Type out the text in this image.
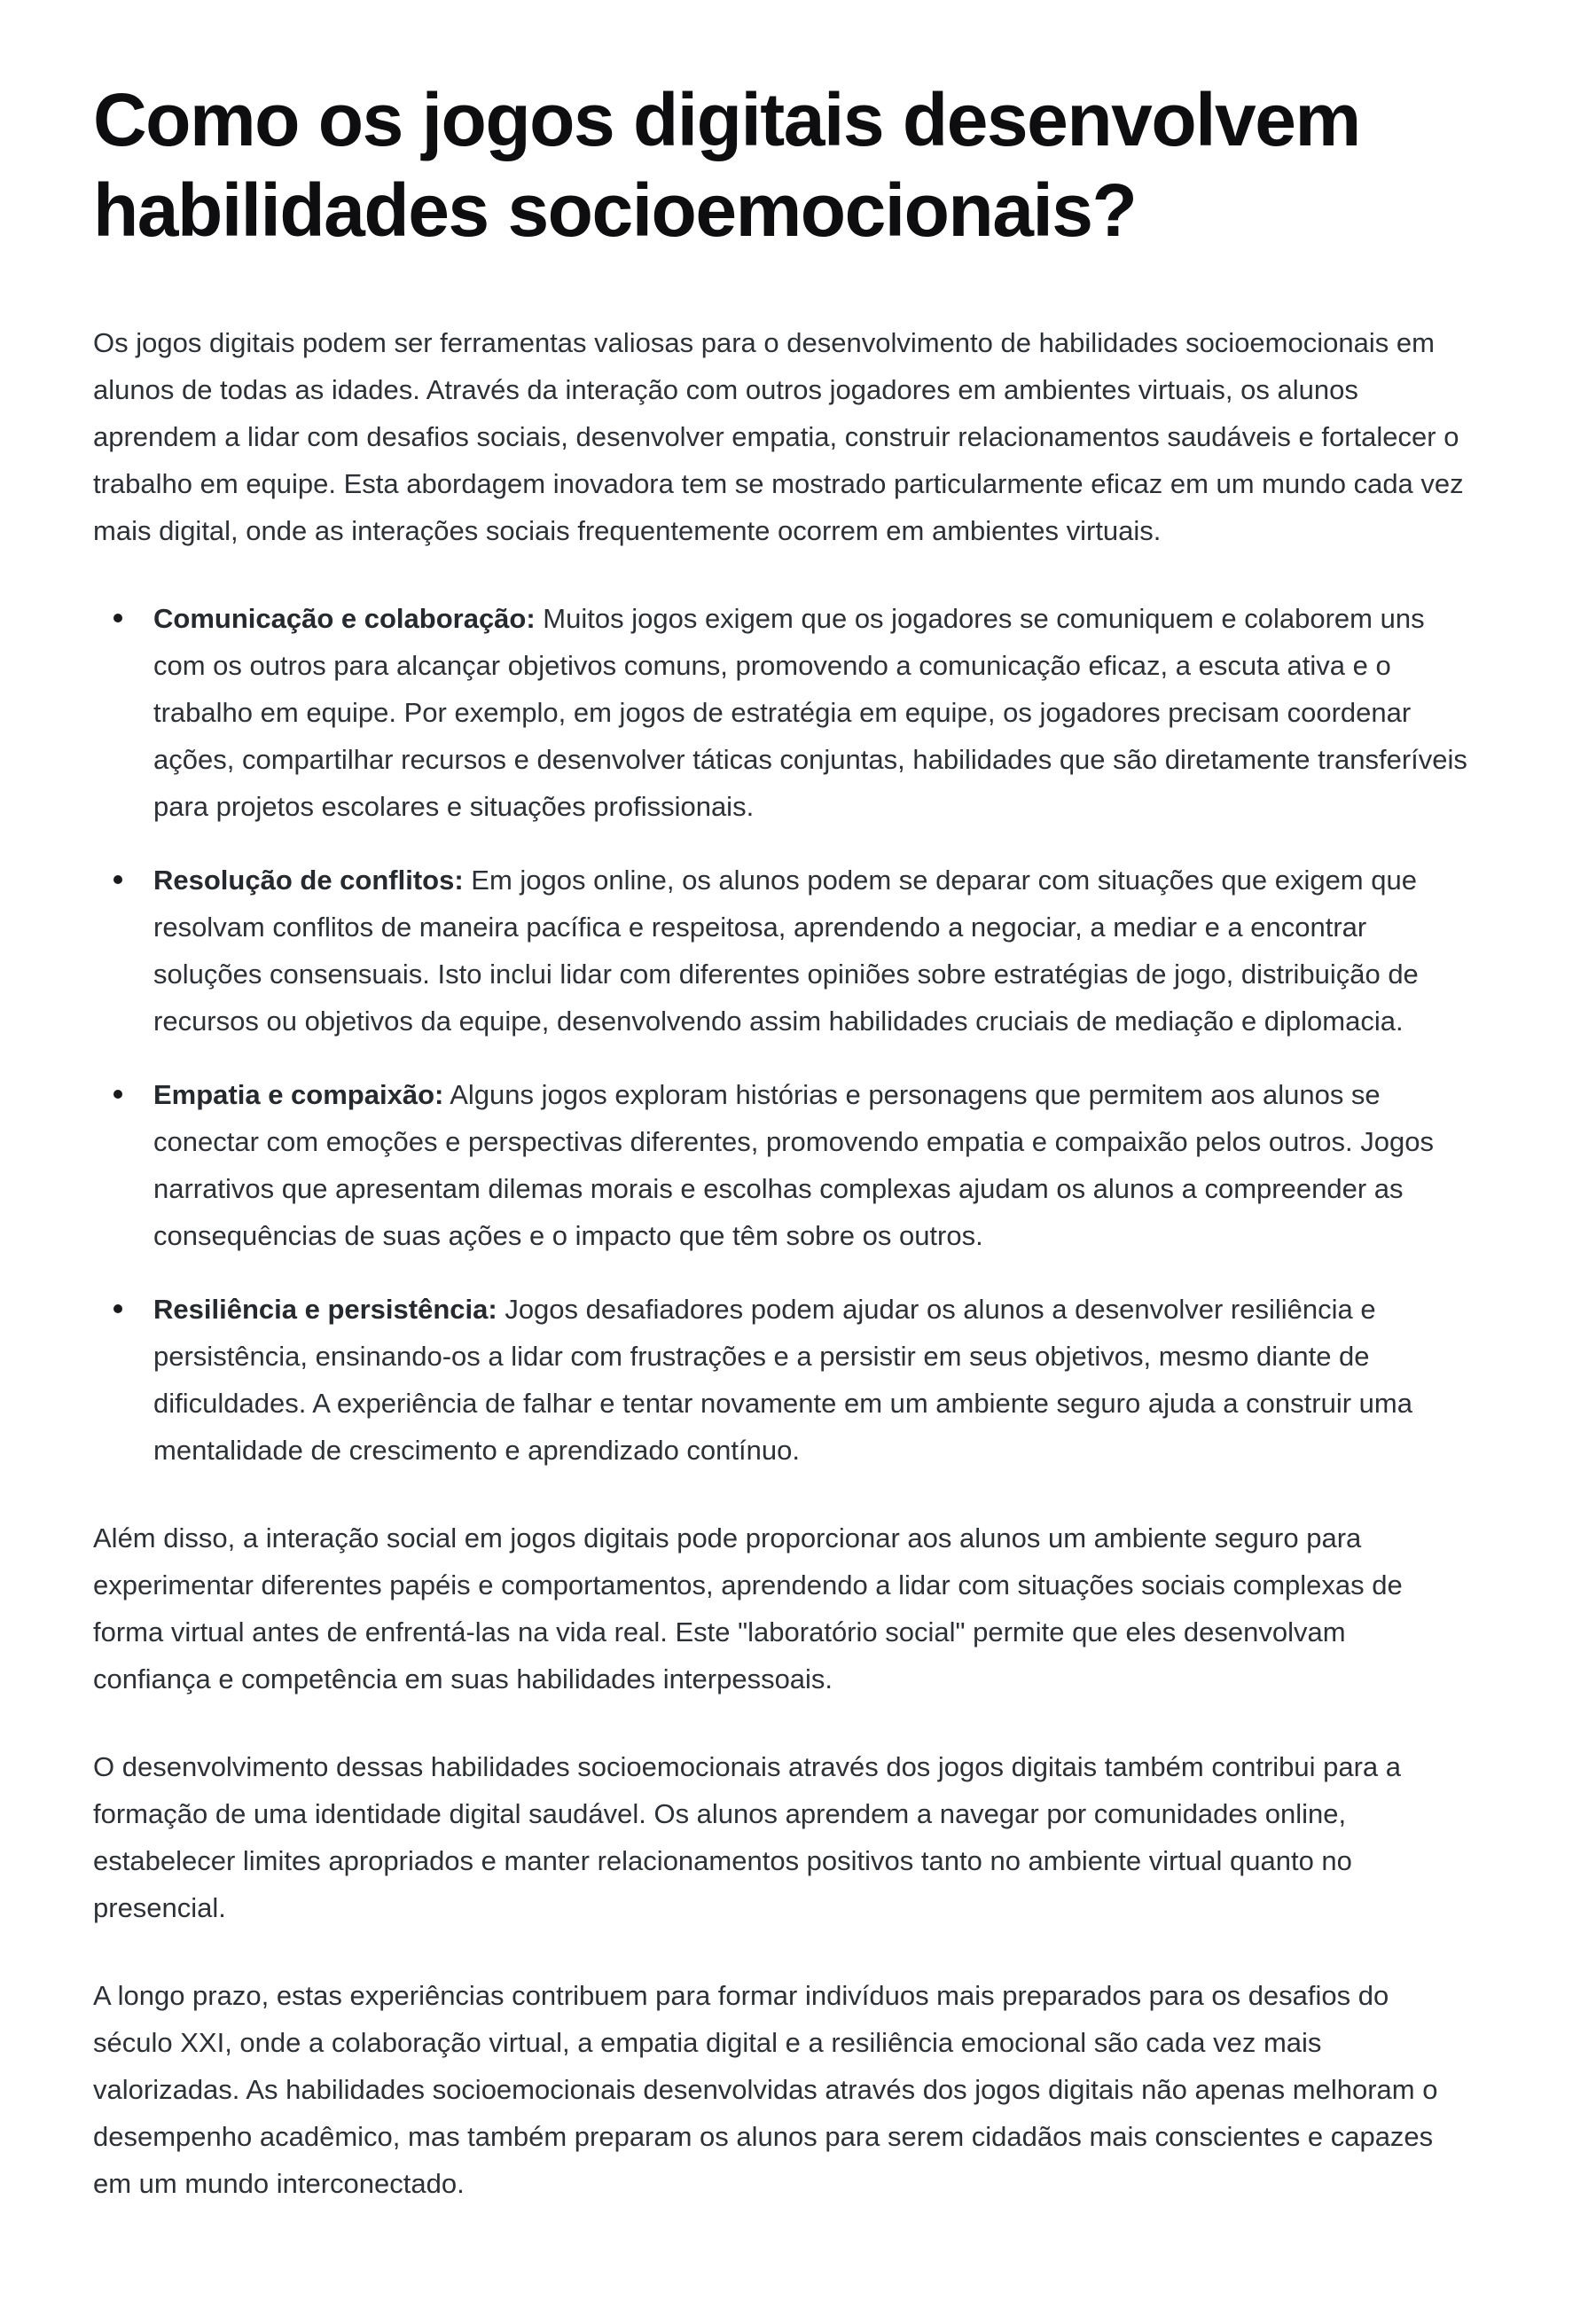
Como os jogos digitais desenvolvem habilidades socioemocionais?

Os jogos digitais podem ser ferramentas valiosas para o desenvolvimento de habilidades socioemocionais em alunos de todas as idades. Através da interação com outros jogadores em ambientes virtuais, os alunos aprendem a lidar com desafios sociais, desenvolver empatia, construir relacionamentos saudáveis e fortalecer o trabalho em equipe. Esta abordagem inovadora tem se mostrado particularmente eficaz em um mundo cada vez mais digital, onde as interações sociais frequentemente ocorrem em ambientes virtuais.

Comunicação e colaboração: Muitos jogos exigem que os jogadores se comuniquem e colaborem uns com os outros para alcançar objetivos comuns, promovendo a comunicação eficaz, a escuta ativa e o trabalho em equipe. Por exemplo, em jogos de estratégia em equipe, os jogadores precisam coordenar ações, compartilhar recursos e desenvolver táticas conjuntas, habilidades que são diretamente transferíveis para projetos escolares e situações profissionais.
Resolução de conflitos: Em jogos online, os alunos podem se deparar com situações que exigem que resolvam conflitos de maneira pacífica e respeitosa, aprendendo a negociar, a mediar e a encontrar soluções consensuais. Isto inclui lidar com diferentes opiniões sobre estratégias de jogo, distribuição de recursos ou objetivos da equipe, desenvolvendo assim habilidades cruciais de mediação e diplomacia.
Empatia e compaixão: Alguns jogos exploram histórias e personagens que permitem aos alunos se conectar com emoções e perspectivas diferentes, promovendo empatia e compaixão pelos outros. Jogos narrativos que apresentam dilemas morais e escolhas complexas ajudam os alunos a compreender as consequências de suas ações e o impacto que têm sobre os outros.
Resiliência e persistência: Jogos desafiadores podem ajudar os alunos a desenvolver resiliência e persistência, ensinando-os a lidar com frustrações e a persistir em seus objetivos, mesmo diante de dificuldades. A experiência de falhar e tentar novamente em um ambiente seguro ajuda a construir uma mentalidade de crescimento e aprendizado contínuo.

Além disso, a interação social em jogos digitais pode proporcionar aos alunos um ambiente seguro para experimentar diferentes papéis e comportamentos, aprendendo a lidar com situações sociais complexas de forma virtual antes de enfrentá-las na vida real. Este "laboratório social" permite que eles desenvolvam confiança e competência em suas habilidades interpessoais.

O desenvolvimento dessas habilidades socioemocionais através dos jogos digitais também contribui para a formação de uma identidade digital saudável. Os alunos aprendem a navegar por comunidades online, estabelecer limites apropriados e manter relacionamentos positivos tanto no ambiente virtual quanto no presencial.

A longo prazo, estas experiências contribuem para formar indivíduos mais preparados para os desafios do século XXI, onde a colaboração virtual, a empatia digital e a resiliência emocional são cada vez mais valorizadas. As habilidades socioemocionais desenvolvidas através dos jogos digitais não apenas melhoram o desempenho acadêmico, mas também preparam os alunos para serem cidadãos mais conscientes e capazes em um mundo interconectado.
